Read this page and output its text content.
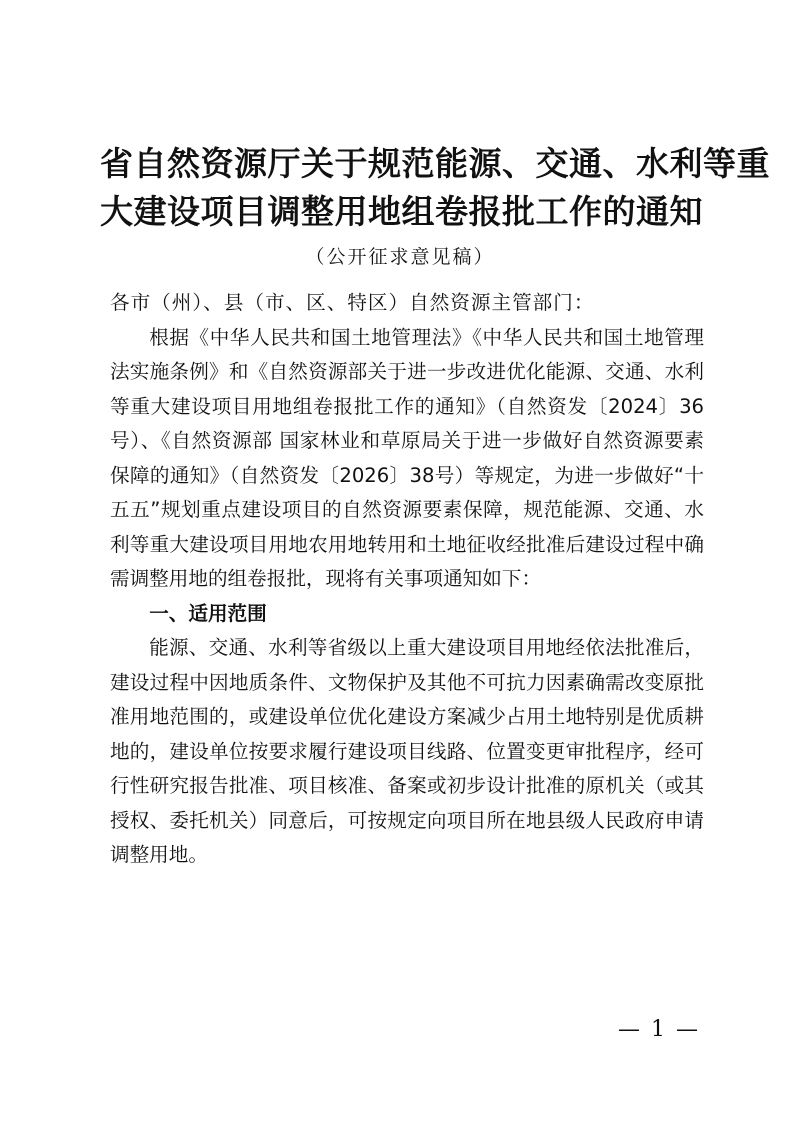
省自然资源厅关于规范能源、交通、水利等重
大建设项目调整用地组卷报批工作的通知

（公开征求意见稿）

各市（州）、县（市、区、特区）自然资源主管部门：

根据《中华人民共和国土地管理法》《中华人民共和国土地管理法实施条例》和《自然资源部关于进一步改进优化能源、交通、水利等重大建设项目用地组卷报批工作的通知》（自然资发〔2024〕36号）、《自然资源部 国家林业和草原局关于进一步做好自然资源要素保障的通知》（自然资发〔2026〕38号）等规定，为进一步做好“十五五”规划重点建设项目的自然资源要素保障，规范能源、交通、水利等重大建设项目用地农用地转用和土地征收经批准后建设过程中确需调整用地的组卷报批，现将有关事项通知如下：

一、适用范围

能源、交通、水利等省级以上重大建设项目用地经依法批准后，建设过程中因地质条件、文物保护及其他不可抗力因素确需改变原批准用地范围的，或建设单位优化建设方案减少占用土地特别是优质耕地的，建设单位按要求履行建设项目线路、位置变更审批程序，经可行性研究报告批准、项目核准、备案或初步设计批准的原机关（或其授权、委托机关）同意后，可按规定向项目所在地县级人民政府申请调整用地。

— 1 —
